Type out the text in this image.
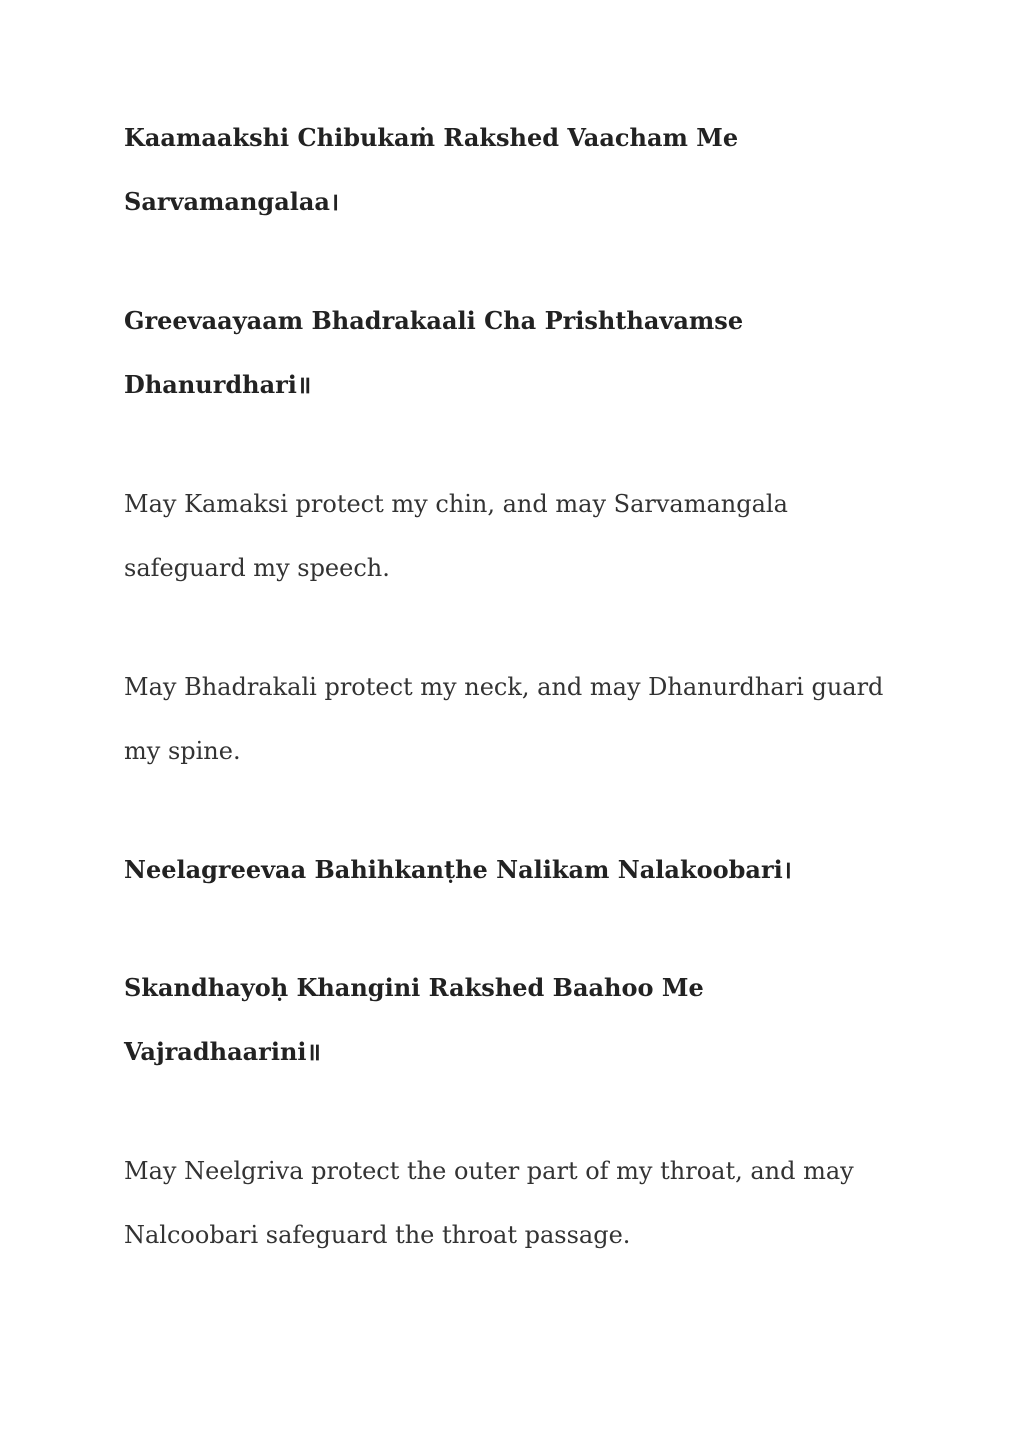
Kaamaakshi Chibukaṁ Rakshed Vaacham Me Sarvamangalaa।

Greevaayaam Bhadrakaali Cha Prishthavamse Dhanurdhari॥

May Kamaksi protect my chin, and may Sarvamangala safeguard my speech.

May Bhadrakali protect my neck, and may Dhanurdhari guard my spine.

Neelagreevaa Bahihkanṭhe Nalikam Nalakoobari।

Skandhayoḥ Khangini Rakshed Baahoo Me Vajradhaarini॥

May Neelgriva protect the outer part of my throat, and may Nalcoobari safeguard the throat passage.
